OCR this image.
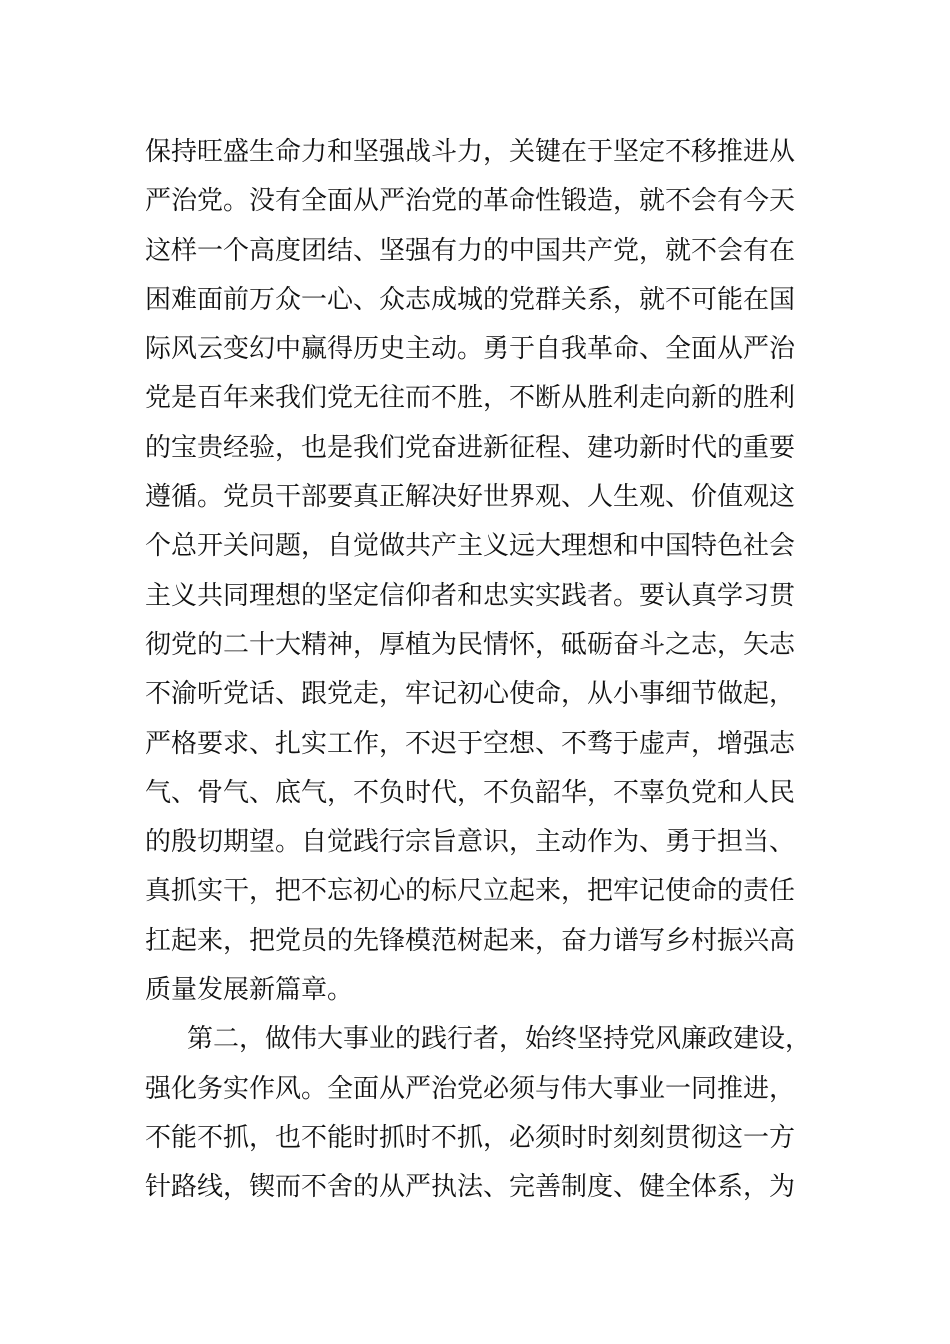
保持旺盛生命力和坚强战斗力，关键在于坚定不移推进从
严治党。没有全面从严治党的革命性锻造，就不会有今天
这样一个高度团结、坚强有力的中国共产党，就不会有在
困难面前万众一心、众志成城的党群关系，就不可能在国
际风云变幻中赢得历史主动。勇于自我革命、全面从严治
党是百年来我们党无往而不胜，不断从胜利走向新的胜利
的宝贵经验，也是我们党奋进新征程、建功新时代的重要
遵循。党员干部要真正解决好世界观、人生观、价值观这
个总开关问题，自觉做共产主义远大理想和中国特色社会
主义共同理想的坚定信仰者和忠实实践者。要认真学习贯
彻党的二十大精神，厚植为民情怀，砥砺奋斗之志，矢志
不渝听党话、跟党走，牢记初心使命，从小事细节做起，
严格要求、扎实工作，不迟于空想、不骛于虚声，增强志
气、骨气、底气，不负时代，不负韶华，不辜负党和人民
的殷切期望。自觉践行宗旨意识，主动作为、勇于担当、
真抓实干，把不忘初心的标尺立起来，把牢记使命的责任
扛起来，把党员的先锋模范树起来，奋力谱写乡村振兴高
质量发展新篇章。
第二，做伟大事业的践行者，始终坚持党风廉政建设，
强化务实作风。全面从严治党必须与伟大事业一同推进，
不能不抓，也不能时抓时不抓，必须时时刻刻贯彻这一方
针路线，锲而不舍的从严执法、完善制度、健全体系，为
